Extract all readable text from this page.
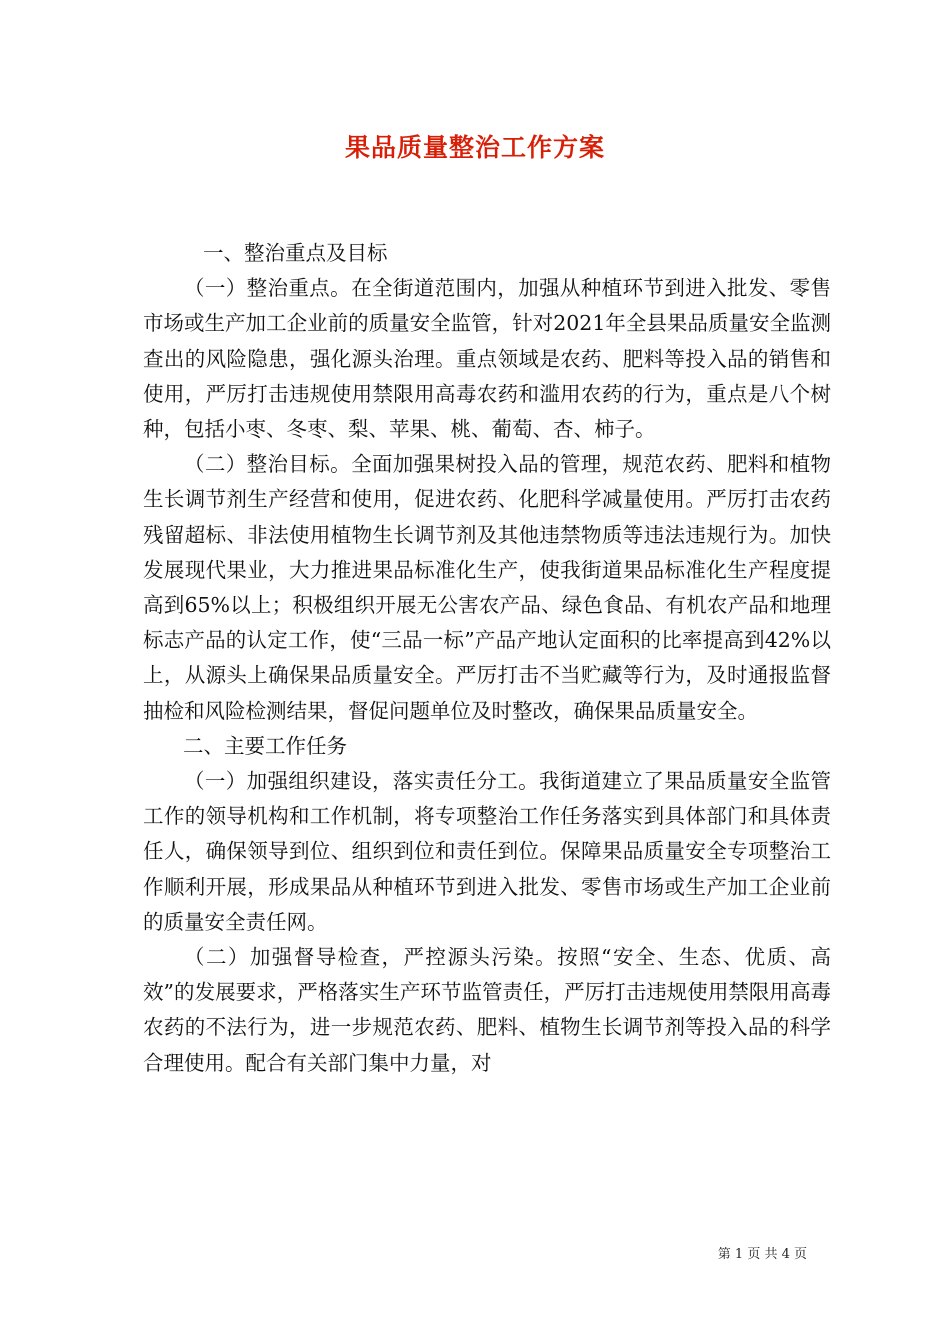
果品质量整治工作方案

一、整治重点及目标

（一）整治重点。在全街道范围内，加强从种植环节到进入批发、零售市场或生产加工企业前的质量安全监管，针对2021年全县果品质量安全监测查出的风险隐患，强化源头治理。重点领域是农药、肥料等投入品的销售和使用，严厉打击违规使用禁限用高毒农药和滥用农药的行为，重点是八个树种，包括小枣、冬枣、梨、苹果、桃、葡萄、杏、柿子。

（二）整治目标。全面加强果树投入品的管理，规范农药、肥料和植物生长调节剂生产经营和使用，促进农药、化肥科学减量使用。严厉打击农药残留超标、非法使用植物生长调节剂及其他违禁物质等违法违规行为。加快发展现代果业，大力推进果品标准化生产，使我街道果品标准化生产程度提高到65%以上；积极组织开展无公害农产品、绿色食品、有机农产品和地理标志产品的认定工作，使“三品一标”产品产地认定面积的比率提高到42%以上，从源头上确保果品质量安全。严厉打击不当贮藏等行为，及时通报监督抽检和风险检测结果，督促问题单位及时整改，确保果品质量安全。

二、主要工作任务

（一）加强组织建设，落实责任分工。我街道建立了果品质量安全监管工作的领导机构和工作机制，将专项整治工作任务落实到具体部门和具体责任人，确保领导到位、组织到位和责任到位。保障果品质量安全专项整治工作顺利开展，形成果品从种植环节到进入批发、零售市场或生产加工企业前的质量安全责任网。

（二）加强督导检查，严控源头污染。按照“安全、生态、优质、高效”的发展要求，严格落实生产环节监管责任，严厉打击违规使用禁限用高毒农药的不法行为，进一步规范农药、肥料、植物生长调节剂等投入品的科学合理使用。配合有关部门集中力量，对

第 1 页 共 4 页
